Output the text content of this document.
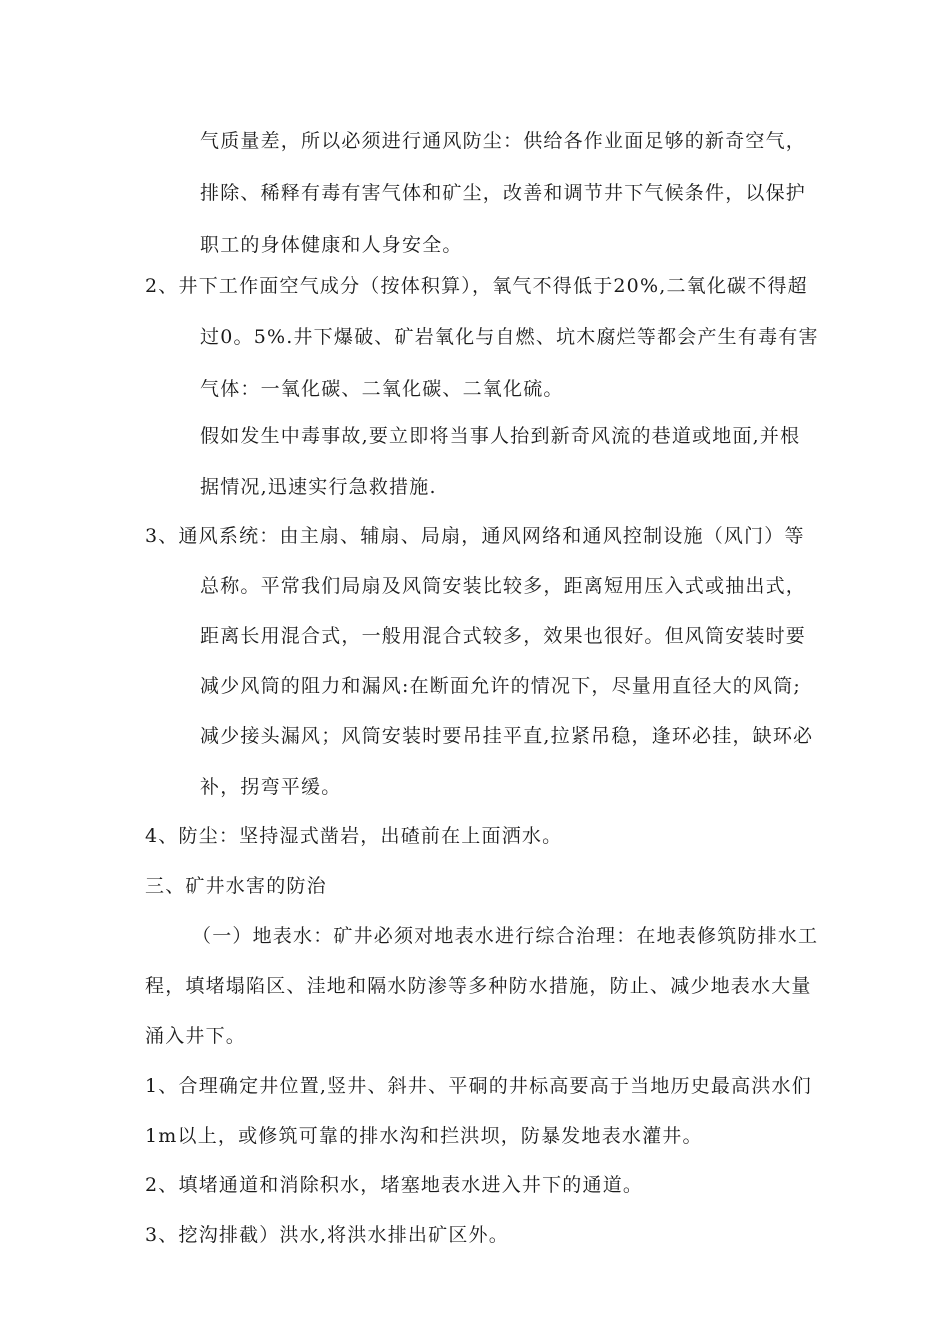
气质量差，所以必须进行通风防尘：供给各作业面足够的新奇空气，
排除、稀释有毒有害气体和矿尘，改善和调节井下气候条件，以保护
职工的身体健康和人身安全。
2、井下工作面空气成分（按体积算），氧气不得低于20%,二氧化碳不得超
过0。5%.井下爆破、矿岩氧化与自燃、坑木腐烂等都会产生有毒有害
气体：一氧化碳、二氧化碳、二氧化硫。
假如发生中毒事故,要立即将当事人抬到新奇风流的巷道或地面,并根
据情况,迅速实行急救措施.
3、通风系统：由主扇、辅扇、局扇，通风网络和通风控制设施（风门）等
总称。平常我们局扇及风筒安装比较多，距离短用压入式或抽出式，
距离长用混合式，一般用混合式较多，效果也很好。但风筒安装时要
减少风筒的阻力和漏风:在断面允许的情况下，尽量用直径大的风筒;
减少接头漏风；风筒安装时要吊挂平直,拉紧吊稳，逢环必挂，缺环必
补，拐弯平缓。
4、防尘：坚持湿式凿岩，出碴前在上面洒水。
三、矿井水害的防治
（一）地表水：矿井必须对地表水进行综合治理：在地表修筑防排水工
程，填堵塌陷区、洼地和隔水防渗等多种防水措施，防止、减少地表水大量
涌入井下。
1、合理确定井位置,竖井、斜井、平硐的井标高要高于当地历史最高洪水们
1m以上，或修筑可靠的排水沟和拦洪坝，防暴发地表水灌井。
2、填堵通道和消除积水，堵塞地表水进入井下的通道。
3、挖沟排截）洪水,将洪水排出矿区外。
